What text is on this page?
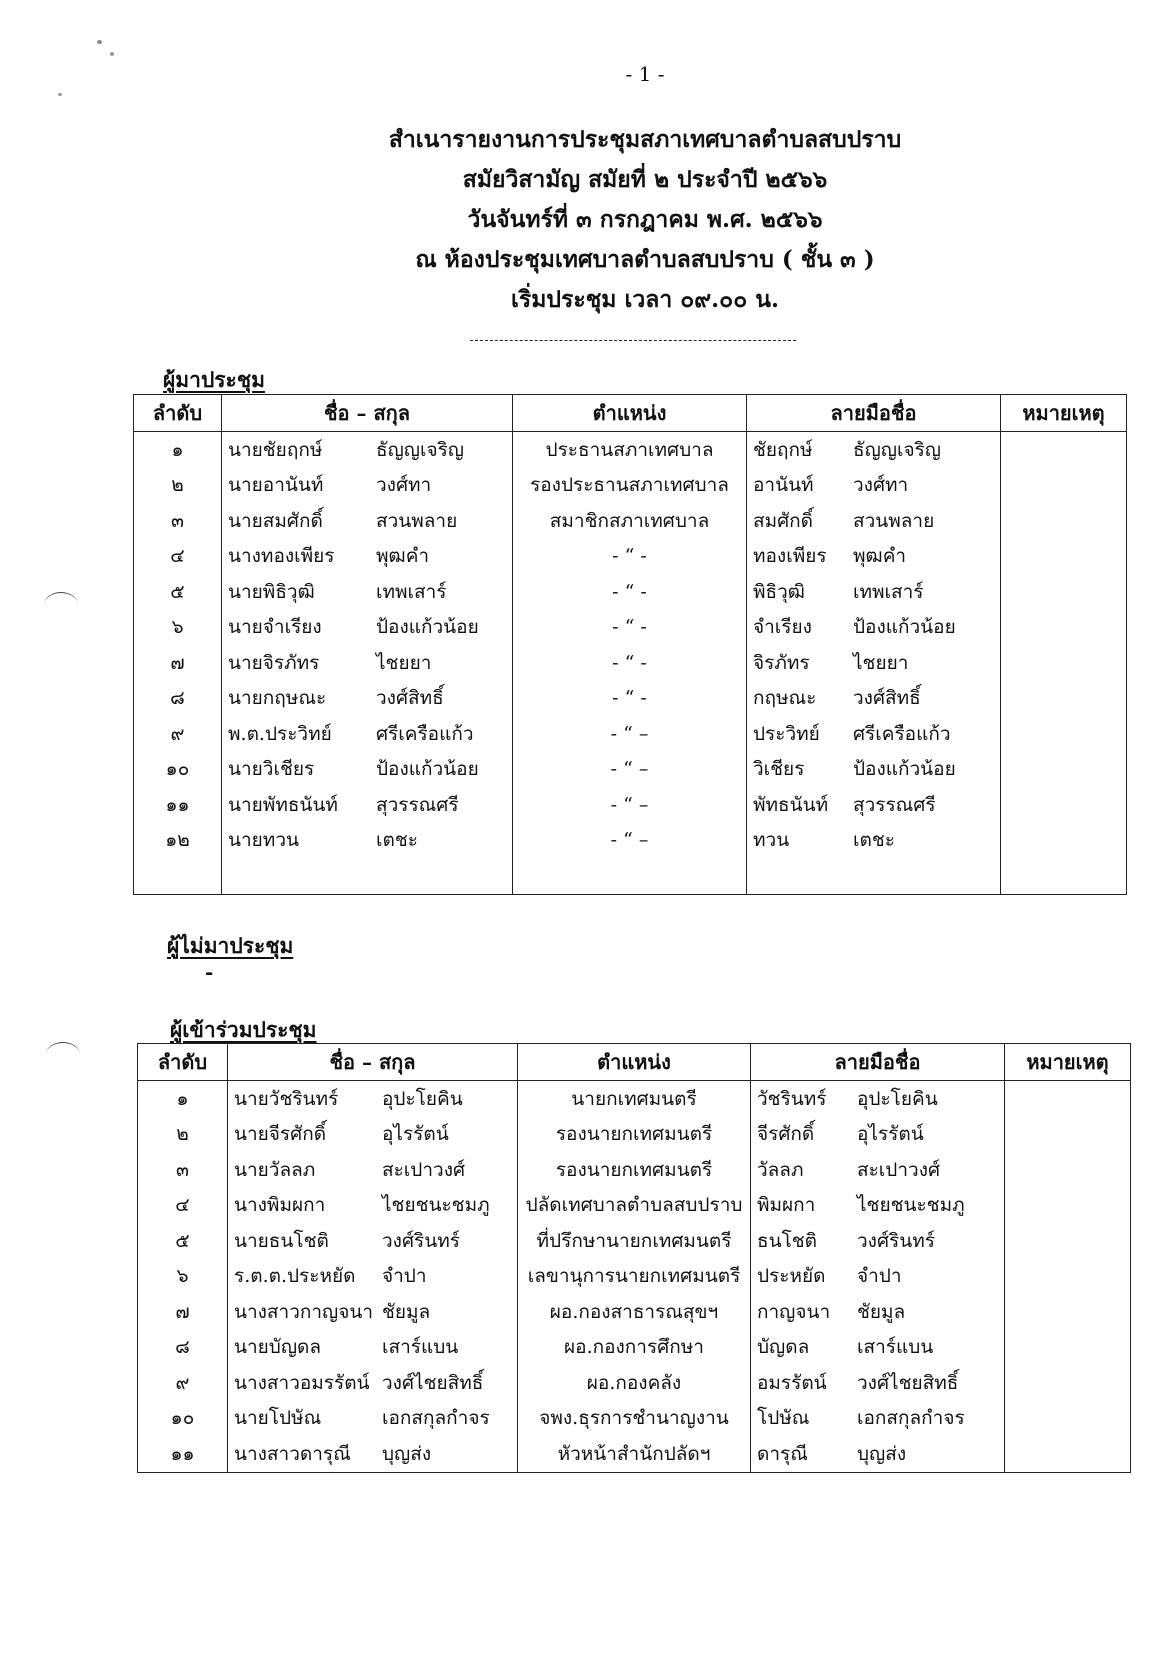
- 1 -
สำเนารายงานการประชุมสภาเทศบาลตำบลสบปราบ
สมัยวิสามัญ สมัยที่ ๒ ประจำปี ๒๕๖๖
วันจันทร์ที่ ๓ กรกฎาคม พ.ศ. ๒๕๖๖
ณ ห้องประชุมเทศบาลตำบลสบปราบ ( ชั้น ๓ )
เริ่มประชุม เวลา ๐๙.๐๐ น.
ผู้มาประชุม
ลำดับ	ชื่อ – สกุล	ตำแหน่ง	ลายมือชื่อ	หมายเหตุ
๑	นายชัยฤกษ์ ธัญญเจริญ	ประธานสภาเทศบาล	ชัยฤกษ์ ธัญญเจริญ	

๒	นายอานันท์ วงศ์ทา	รองประธานสภาเทศบาล	อานันท์ วงศ์ทา	

๓	นายสมศักดิ์ สวนพลาย	สมาชิกสภาเทศบาล	สมศักดิ์ สวนพลาย	

๔	นางทองเพียร พุฒคำ	- “ -	ทองเพียร พุฒคำ	

๕	นายพิธิวุฒิ เทพเสาร์	- “ -	พิธิวุฒิ เทพเสาร์	

๖	นายจำเรียง ป้องแก้วน้อย	- “ -	จำเรียง ป้องแก้วน้อย	

๗	นายจิรภัทร ไชยยา	- “ -	จิรภัทร ไชยยา	

๘	นายกฤษณะ วงศ์สิทธิ์	- “ -	กฤษณะ วงศ์สิทธิ์	

๙	พ.ต.ประวิทย์ ศรีเครือแก้ว	- “ –	ประวิทย์ ศรีเครือแก้ว	

๑๐	นายวิเชียร ป้องแก้วน้อย	- “ –	วิเชียร ป้องแก้วน้อย	

๑๑	นายพัทธนันท์ สุวรรณศรี	- “ –	พัทธนันท์ สุวรรณศรี	

๑๒	นายทวน เตชะ	- “ –	ทวน เตชะ	

ผู้ไม่มาประชุม
-
ผู้เข้าร่วมประชุม
ลำดับ	ชื่อ – สกุล	ตำแหน่ง	ลายมือชื่อ	หมายเหตุ
๑	นายวัชรินทร์ อุปะโยคิน	นายกเทศมนตรี	วัชรินทร์ อุปะโยคิน	

๒	นายจีรศักดิ์ อุไรรัตน์	รองนายกเทศมนตรี	จีรศักดิ์ อุไรรัตน์	

๓	นายวัลลภ สะเปาวงศ์	รองนายกเทศมนตรี	วัลลภ สะเปาวงศ์	

๔	นางพิมผกา ไชยชนะชมภู	ปลัดเทศบาลตำบลสบปราบ	พิมผกา ไชยชนะชมภู	

๕	นายธนโชติ วงศ์รินทร์	ที่ปรึกษานายกเทศมนตรี	ธนโชติ วงศ์รินทร์	

๖	ร.ต.ต.ประหยัด จำปา	เลขานุการนายกเทศมนตรี	ประหยัด จำปา	

๗	นางสาวกาญจนา ชัยมูล	ผอ.กองสาธารณสุขฯ	กาญจนา ชัยมูล	

๘	นายบัญดล เสาร์แบน	ผอ.กองการศึกษา	บัญดล เสาร์แบน	

๙	นางสาวอมรรัตน์ วงศ์ไชยสิทธิ์	ผอ.กองคลัง	อมรรัตน์ วงศ์ไชยสิทธิ์	

๑๐	นายโปษัณ เอกสกุลกำจร	จพง.ธุรการชำนาญงาน	โปษัณ เอกสกุลกำจร	

๑๑	นางสาวดารุณี บุญส่ง	หัวหน้าสำนักปลัดฯ	ดารุณี บุญส่ง	
